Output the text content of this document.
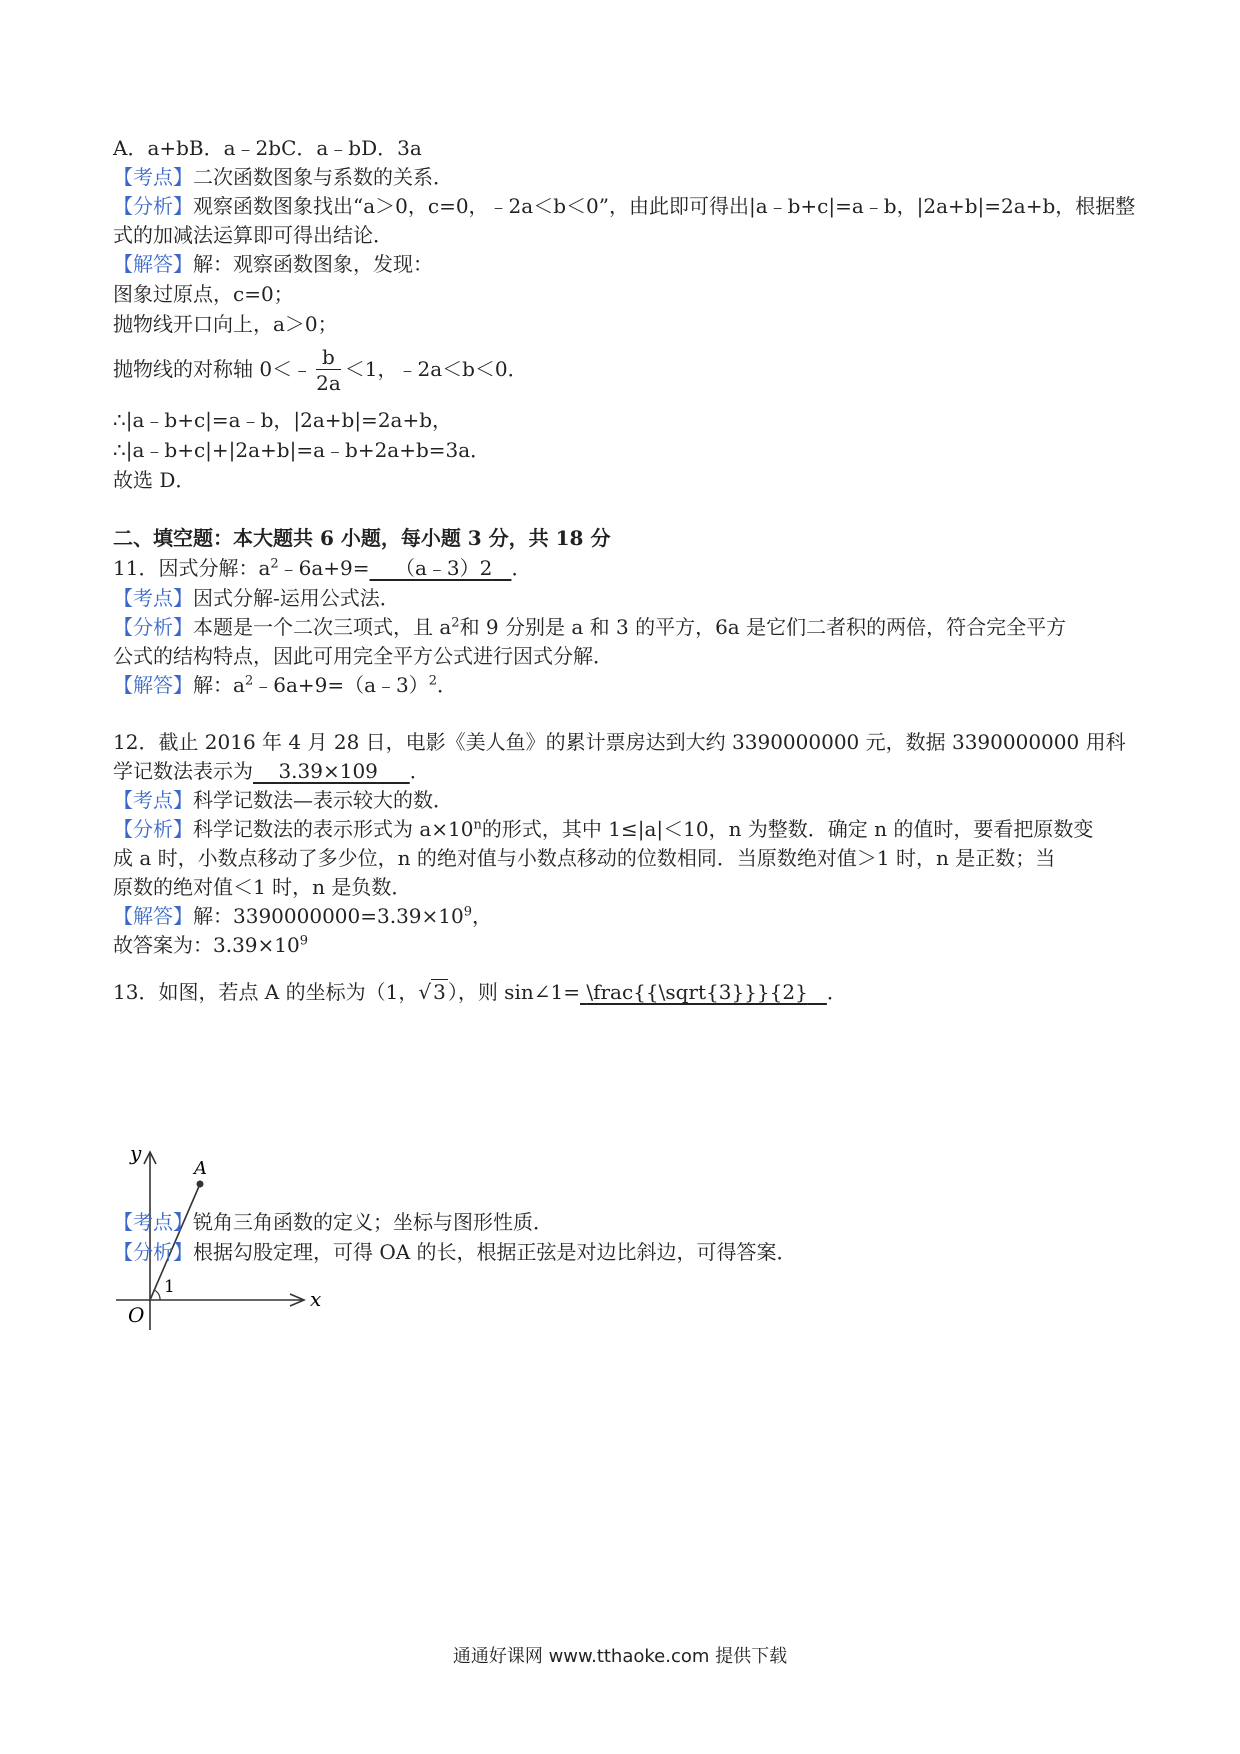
A．a+bB．a﹣2bC．a﹣bD．3a
【考点】二次函数图象与系数的关系．
【分析】观察函数图象找出“a＞0，c=0，﹣2a＜b＜0”，由此即可得出|a﹣b+c|=a﹣b，|2a+b|=2a+b，根据整
式的加减法运算即可得出结论．
【解答】解：观察函数图象，发现：
图象过原点，c=0；
抛物线开口向上，a＞0；
抛物线的对称轴 0＜﹣ $\frac{b}{2a} <1$，﹣2a＜b＜0．
∴|a﹣b+c|=a﹣b，|2a+b|=2a+b，
∴|a﹣b+c|+|2a+b|=a﹣b+2a+b=3a．
故选 D．
二、填空题：本大题共 6 小题，每小题 3 分，共 18 分
11．因式分解：$a^2﹣6a+9=$ （a﹣3）2 ．
【考点】因式分解-运用公式法．
【分析】本题是一个二次三项式，且 $a^2$和 9 分别是 a 和 3 的平方，6a 是它们二者积的两倍，符合完全平方
公式的结构特点，因此可用完全平方公式进行因式分解．
【解答】解：$a^2﹣6a+9=(a﹣3)^2$．
12．截止 2016 年 4 月 28 日，电影《美人鱼》的累计票房达到大约 3390000000 元，数据 3390000000 用科
学记数法表示为 3.39×109 ．
【考点】科学记数法—表示较大的数．
【分析】科学记数法的表示形式为 $a\times 10^n$的形式，其中 1≤|a|＜10，n 为整数．确定 n 的值时，要看把原数变
成 a 时，小数点移动了多少位，n 的绝对值与小数点移动的位数相同．当原数绝对值＞1 时，n 是正数；当
原数的绝对值＜1 时，n 是负数．
【解答】解：$3390000000=3.39\times 10^9$，
故答案为：$3.39\times 10^9$
13．如图，若点 A 的坐标为（1，√ 3 ），则 sin∠1= \frac{{\sqrt{3}}}{2} ．
y
x
O
A
1
【考点】锐角三角函数的定义；坐标与图形性质．
【分析】根据勾股定理，可得 OA 的长，根据正弦是对边比斜边，可得答案．
通通好课网 www.tthaoke.com 提供下载
